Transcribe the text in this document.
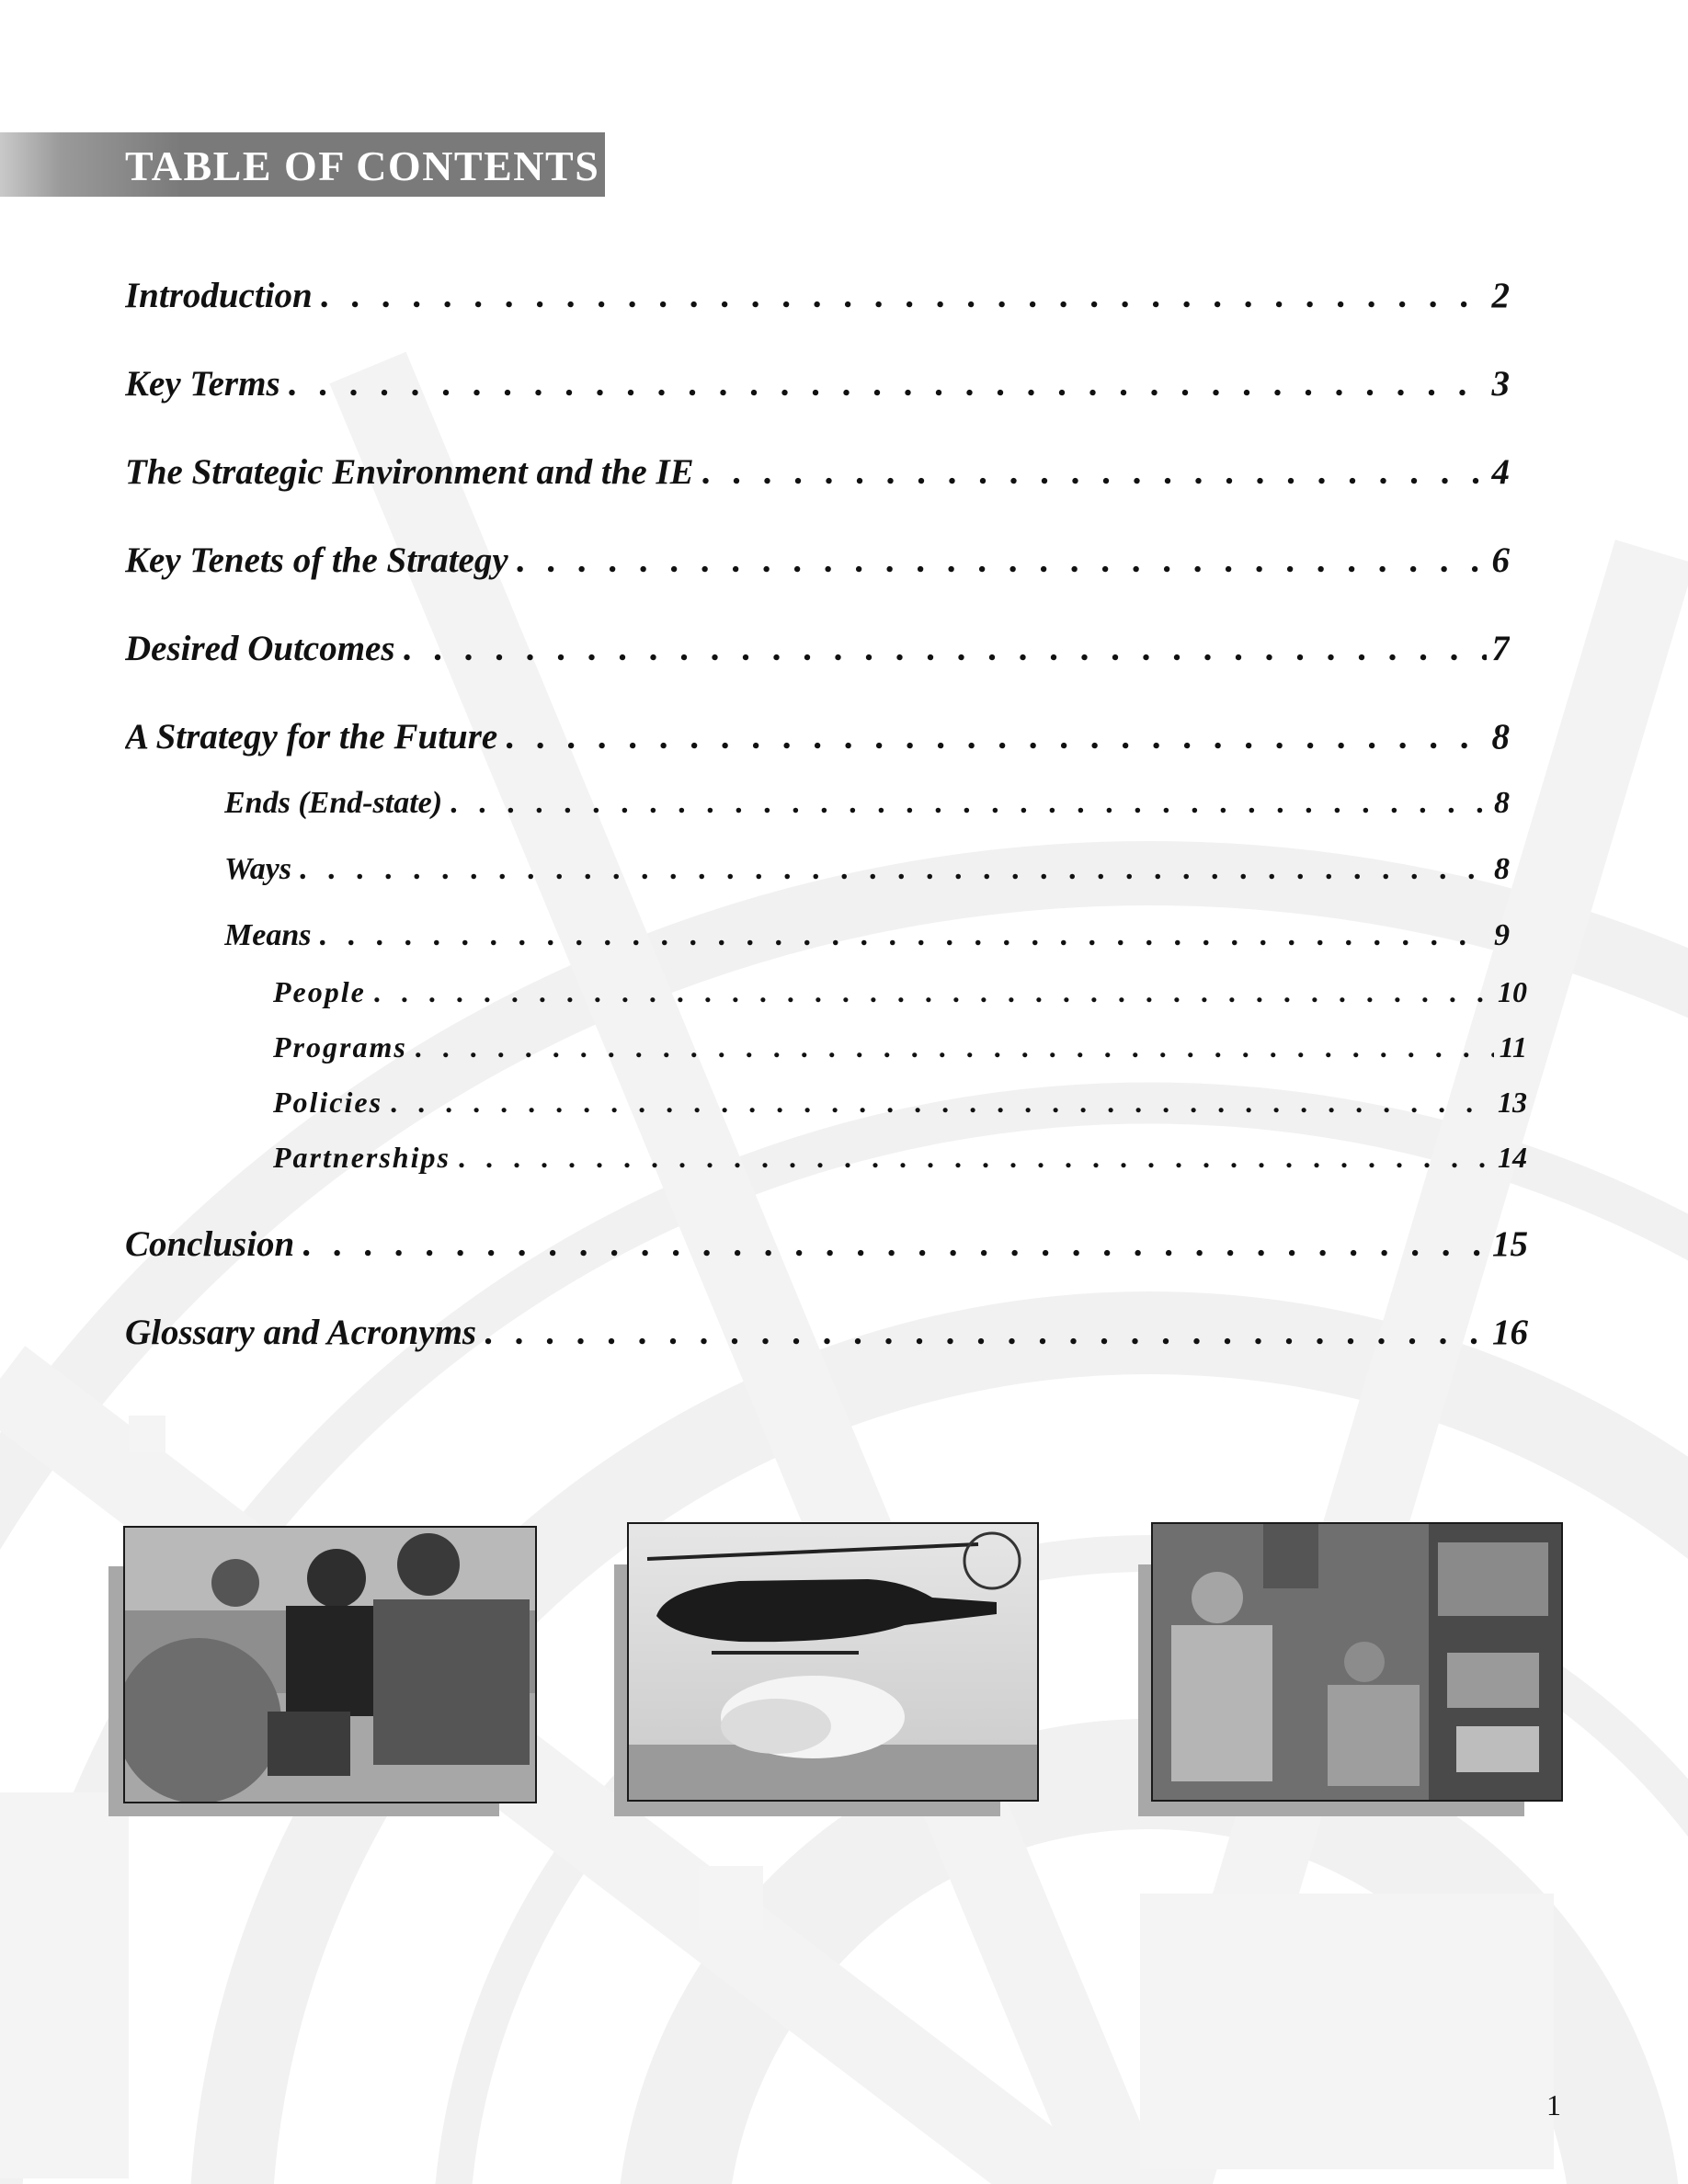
TABLE OF CONTENTS
Introduction . . .	2
Key Terms . . .	3
The Strategic Environment and the IE . . .	4
Key Tenets of the Strategy . . .	6
Desired Outcomes . . .	7
A Strategy for the Future . . .	8
Ends (End-state) . . .	8
Ways . . .	8
Means . . .	9
People . . .	10
Programs . . .	11
Policies . . .	13
Partnerships . . .	14
Conclusion . . .	15
Glossary and Acronyms . . .	16
1
